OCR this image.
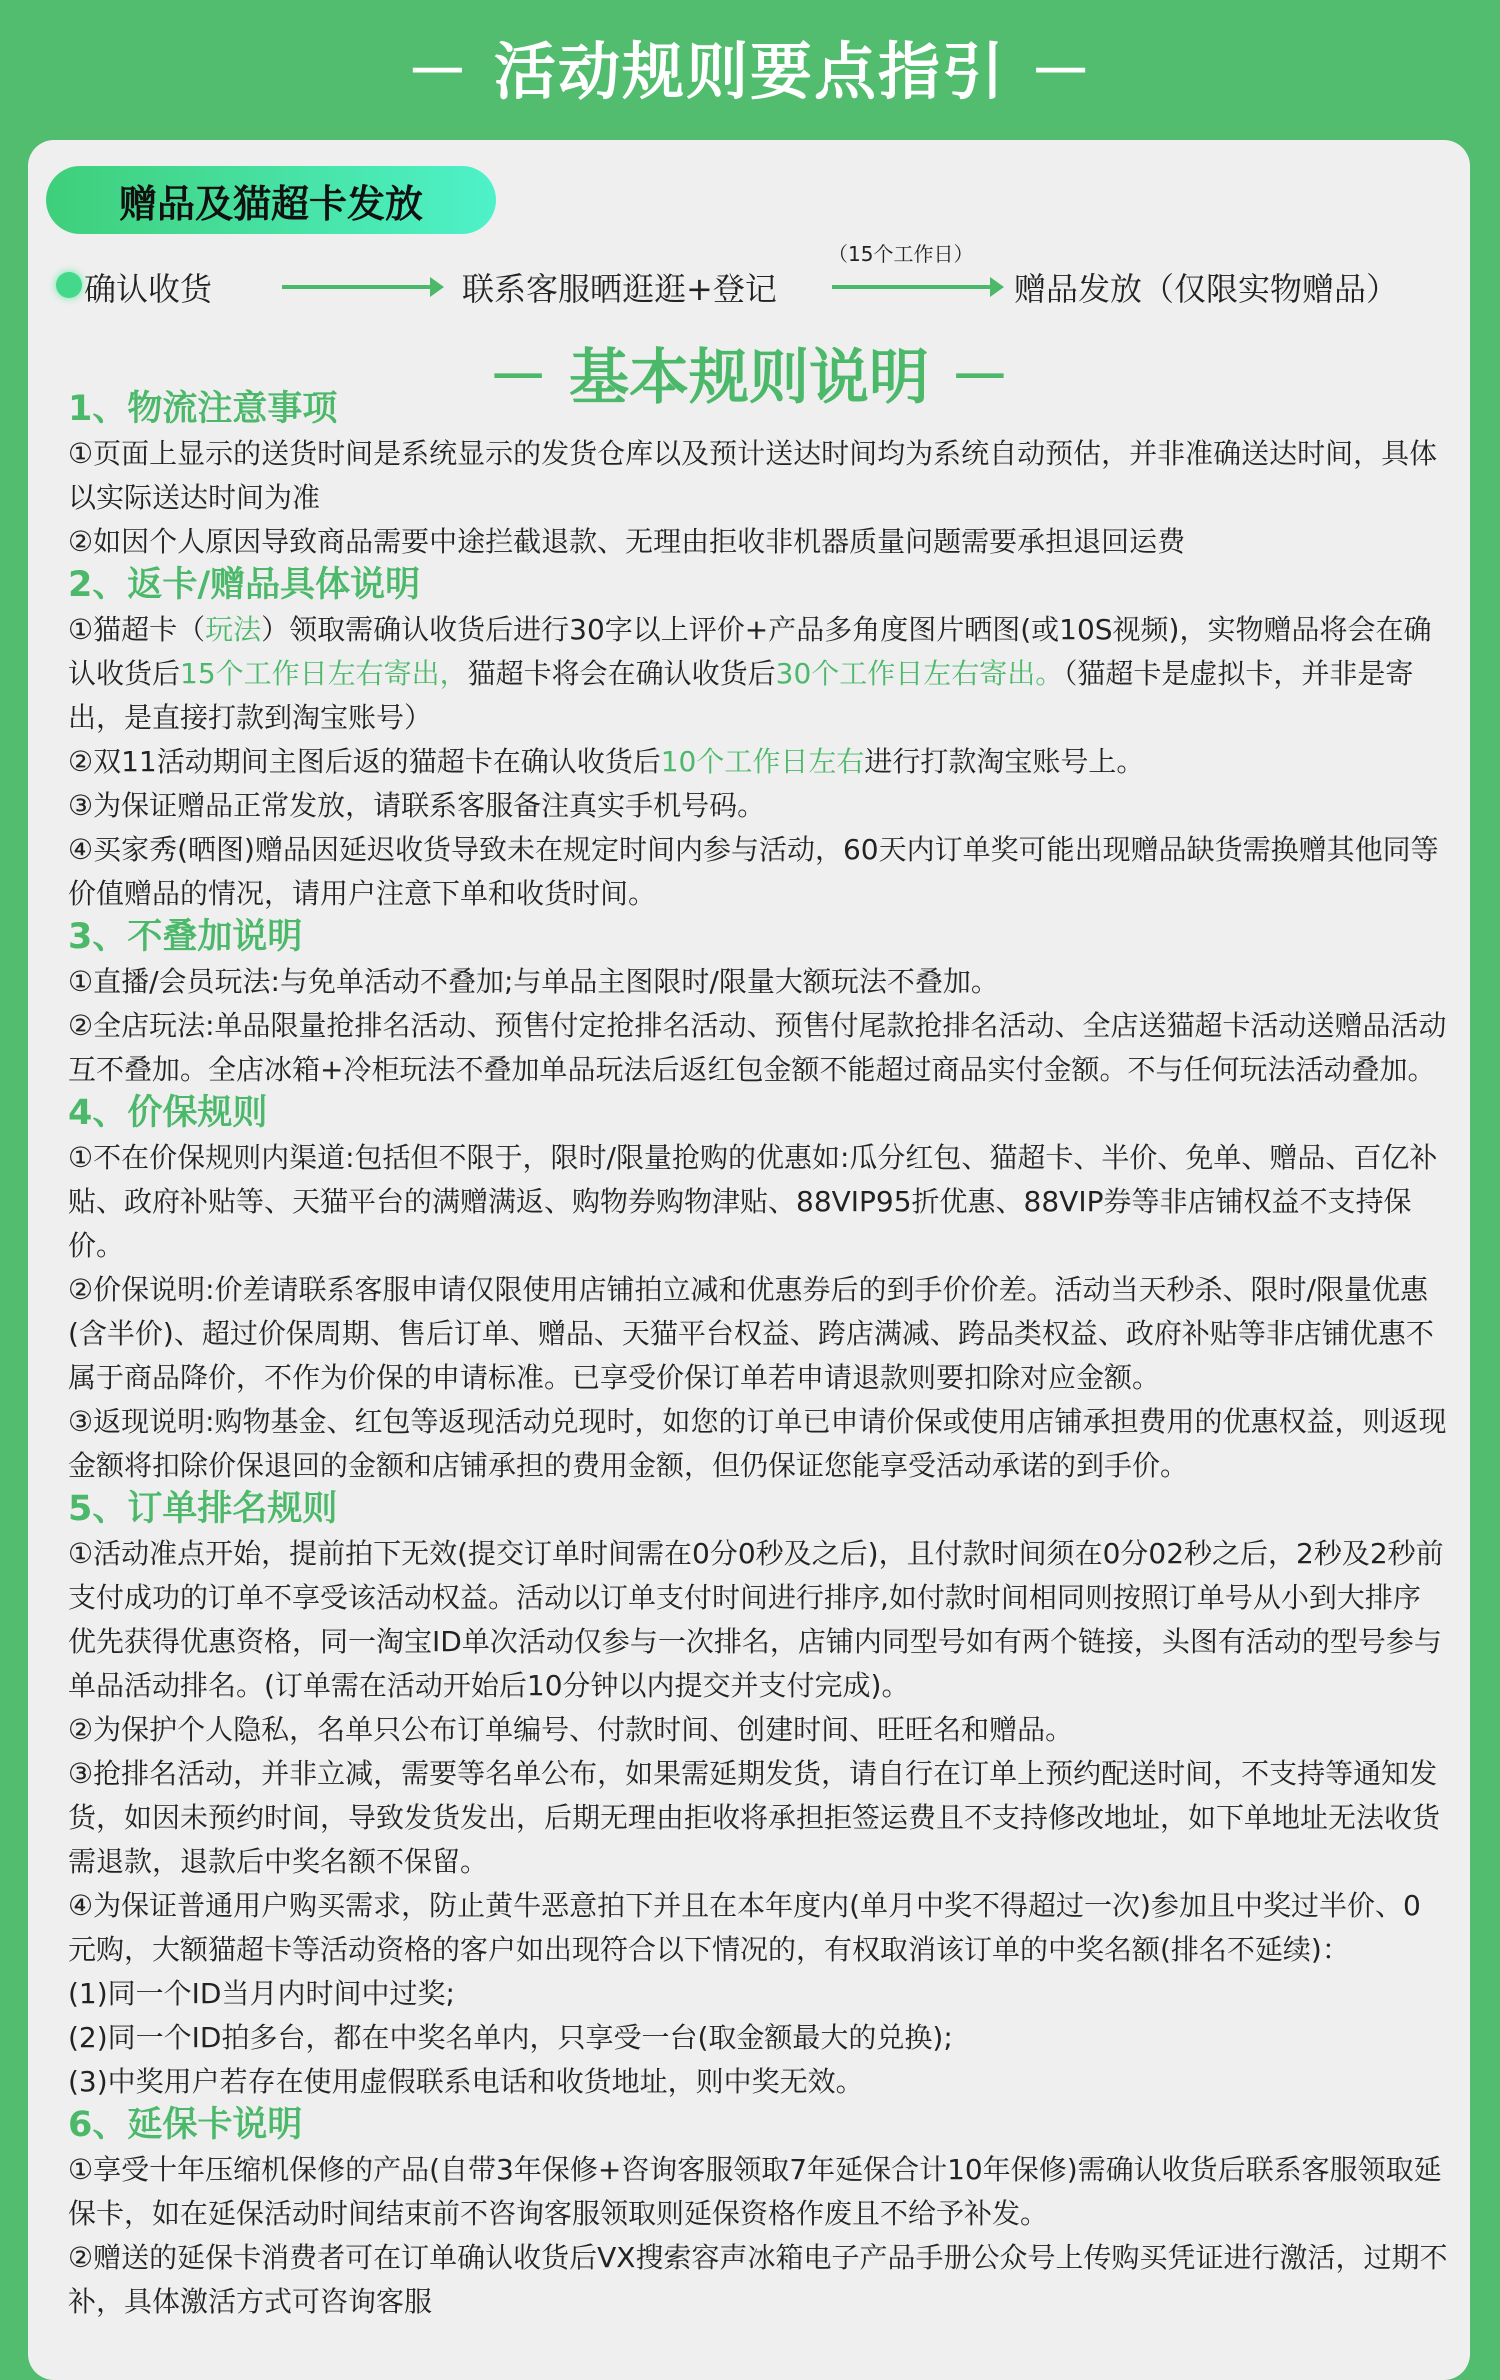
－ 活动规则要点指引 －
赠品及猫超卡发放
确认收货	联系客服晒逛逛+登记
（15个工作日）
赠品发放（仅限实物赠品）
－ 基本规则说明 －
1、物流注意事项
①页面上显示的送货时间是系统显示的发货仓库以及预计送达时间均为系统自动预估，并非准确送达时间，具体以实际送达时间为准
②如因个人原因导致商品需要中途拦截退款、无理由拒收非机器质量问题需要承担退回运费
2、返卡/赠品具体说明
①猫超卡（玩法）领取需确认收货后进行30字以上评价+产品多角度图片晒图(或10S视频)，实物赠品将会在确认收货后15个工作日左右寄出，猫超卡将会在确认收货后30个工作日左右寄出。（猫超卡是虚拟卡，并非是寄出，是直接打款到淘宝账号）
②双11活动期间主图后返的猫超卡在确认收货后10个工作日左右进行打款淘宝账号上。
③为保证赠品正常发放，请联系客服备注真实手机号码。
④买家秀(晒图)赠品因延迟收货导致未在规定时间内参与活动，60天内订单奖可能出现赠品缺货需换赠其他同等价值赠品的情况，请用户注意下单和收货时间。
3、不叠加说明
①直播/会员玩法:与免单活动不叠加;与单品主图限时/限量大额玩法不叠加。
②全店玩法:单品限量抢排名活动、预售付定抢排名活动、预售付尾款抢排名活动、全店送猫超卡活动送赠品活动互不叠加。全店冰箱+冷柜玩法不叠加单品玩法后返红包金额不能超过商品实付金额。不与任何玩法活动叠加。
4、价保规则
①不在价保规则内渠道:包括但不限于，限时/限量抢购的优惠如:瓜分红包、猫超卡、半价、免单、赠品、百亿补贴、政府补贴等、天猫平台的满赠满返、购物券购物津贴、88VIP95折优惠、88VIP券等非店铺权益不支持保价。
②价保说明:价差请联系客服申请仅限使用店铺拍立减和优惠券后的到手价价差。活动当天秒杀、限时/限量优惠(含半价)、超过价保周期、售后订单、赠品、天猫平台权益、跨店满减、跨品类权益、政府补贴等非店铺优惠不属于商品降价，不作为价保的申请标准。已享受价保订单若申请退款则要扣除对应金额。
③返现说明:购物基金、红包等返现活动兑现时，如您的订单已申请价保或使用店铺承担费用的优惠权益，则返现金额将扣除价保退回的金额和店铺承担的费用金额，但仍保证您能享受活动承诺的到手价。
5、订单排名规则
①活动准点开始，提前拍下无效(提交订单时间需在0分0秒及之后)，且付款时间须在0分02秒之后，2秒及2秒前支付成功的订单不享受该活动权益。活动以订单支付时间进行排序,如付款时间相同则按照订单号从小到大排序优先获得优惠资格，同一淘宝ID单次活动仅参与一次排名，店铺内同型号如有两个链接，头图有活动的型号参与单品活动排名。(订单需在活动开始后10分钟以内提交并支付完成)。
②为保护个人隐私，名单只公布订单编号、付款时间、创建时间、旺旺名和赠品。
③抢排名活动，并非立减，需要等名单公布，如果需延期发货，请自行在订单上预约配送时间，不支持等通知发货，如因未预约时间，导致发货发出，后期无理由拒收将承担拒签运费且不支持修改地址，如下单地址无法收货需退款，退款后中奖名额不保留。
④为保证普通用户购买需求，防止黄牛恶意拍下并且在本年度内(单月中奖不得超过一次)参加且中奖过半价、0元购，大额猫超卡等活动资格的客户如出现符合以下情况的，有权取消该订单的中奖名额(排名不延续)：
(1)同一个ID当月内时间中过奖;
(2)同一个ID拍多台，都在中奖名单内，只享受一台(取金额最大的兑换);
(3)中奖用户若存在使用虚假联系电话和收货地址，则中奖无效。
6、延保卡说明
①享受十年压缩机保修的产品(自带3年保修+咨询客服领取7年延保合计10年保修)需确认收货后联系客服领取延保卡，如在延保活动时间结束前不咨询客服领取则延保资格作废且不给予补发。
②赠送的延保卡消费者可在订单确认收货后VX搜索容声冰箱电子产品手册公众号上传购买凭证进行激活，过期不补，具体激活方式可咨询客服
